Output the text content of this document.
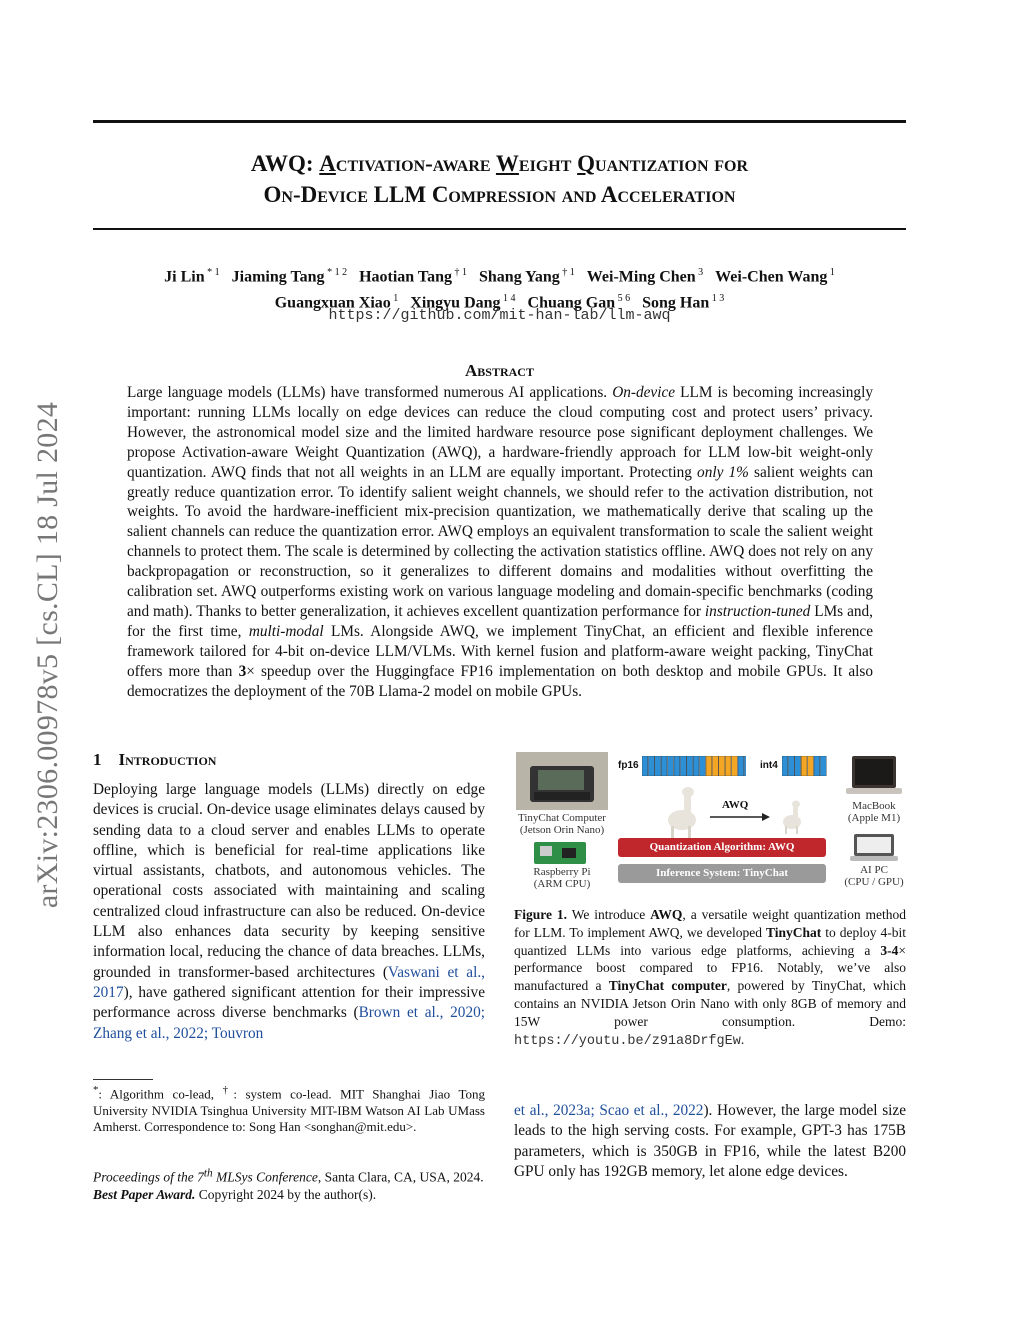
arXiv:2306.00978v5 [cs.CL] 18 Jul 2024
AWQ: Activation-aware Weight Quantization for
On-Device LLM Compression and Acceleration
Ji Lin $^{* 1}$ Jiaming Tang $^{* 1 2}$ Haotian Tang $^{\dagger 1}$ Shang Yang $^{\dagger 1}$ Wei-Ming Chen $^3$ Wei-Chen Wang $^1$
Guangxuan Xiao $^1$ Xingyu Dang $^{1 4}$ Chuang Gan $^{5 6}$ Song Han $^{1 3}$
https://github.com/mit-han-lab/llm-awq
Abstract
Large language models (LLMs) have transformed numerous AI applications. On-device LLM is becoming increasingly important: running LLMs locally on edge devices can reduce the cloud computing cost and protect users’ privacy. However, the astronomical model size and the limited hardware resource pose significant deployment challenges. We propose Activation-aware Weight Quantization (AWQ), a hardware-friendly approach for LLM low-bit weight-only quantization. AWQ finds that not all weights in an LLM are equally important. Protecting only 1% salient weights can greatly reduce quantization error. To identify salient weight channels, we should refer to the activation distribution, not weights. To avoid the hardware-inefficient mix-precision quantization, we mathematically derive that scaling up the salient channels can reduce the quantization error. AWQ employs an equivalent transformation to scale the salient weight channels to protect them. The scale is determined by collecting the activation statistics offline. AWQ does not rely on any backpropagation or reconstruction, so it generalizes to different domains and modalities without overfitting the calibration set. AWQ outperforms existing work on various language modeling and domain-specific benchmarks (coding and math). Thanks to better generalization, it achieves excellent quantization performance for instruction-tuned LMs and, for the first time, multi-modal LMs. Alongside AWQ, we implement TinyChat, an efficient and flexible inference framework tailored for 4-bit on-device LLM/VLMs. With kernel fusion and platform-aware weight packing, TinyChat offers more than 3× speedup over the Huggingface FP16 implementation on both desktop and mobile GPUs. It also democratizes the deployment of the 70B Llama-2 model on mobile GPUs.
1 Introduction
Deploying large language models (LLMs) directly on edge devices is crucial. On-device usage eliminates delays caused by sending data to a cloud server and enables LLMs to operate offline, which is beneficial for real-time applications like virtual assistants, chatbots, and autonomous vehicles. The operational costs associated with maintaining and scaling centralized cloud infrastructure can also be reduced. On-device LLM also enhances data security by keeping sensitive information local, reducing the chance of data breaches. LLMs, grounded in transformer-based architectures (Vaswani et al., 2017), have gathered significant attention for their impressive performance across diverse benchmarks (Brown et al., 2020; Zhang et al., 2022; Touvron
*: Algorithm co-lead, †: system co-lead. MIT Shanghai Jiao Tong University NVIDIA Tsinghua University MIT-IBM Watson AI Lab UMass Amherst. Correspondence to: Song Han <songhan@mit.edu>.
Proceedings of the 7th MLSys Conference, Santa Clara, CA, USA, 2024. Best Paper Award. Copyright 2024 by the author(s).
TinyChat Computer
(Jetson Orin Nano)
Raspberry Pi
(ARM CPU)
fp16	int4
AWQ	MacBook
(Apple M1)
AI PC
(CPU / GPU)
Quantization Algorithm: AWQ
Inference System: TinyChat
Figure 1. We introduce AWQ, a versatile weight quantization method for LLM. To implement AWQ, we developed TinyChat to deploy 4-bit quantized LLMs into various edge platforms, achieving a 3-4× performance boost compared to FP16. Notably, we’ve also manufactured a TinyChat computer, powered by TinyChat, which contains an NVIDIA Jetson Orin Nano with only 8GB of memory and 15W power consumption. Demo: https://youtu.be/z91a8DrfgEw.
et al., 2023a; Scao et al., 2022). However, the large model size leads to the high serving costs. For example, GPT-3 has 175B parameters, which is 350GB in FP16, while the latest B200 GPU only has 192GB memory, let alone edge devices.
